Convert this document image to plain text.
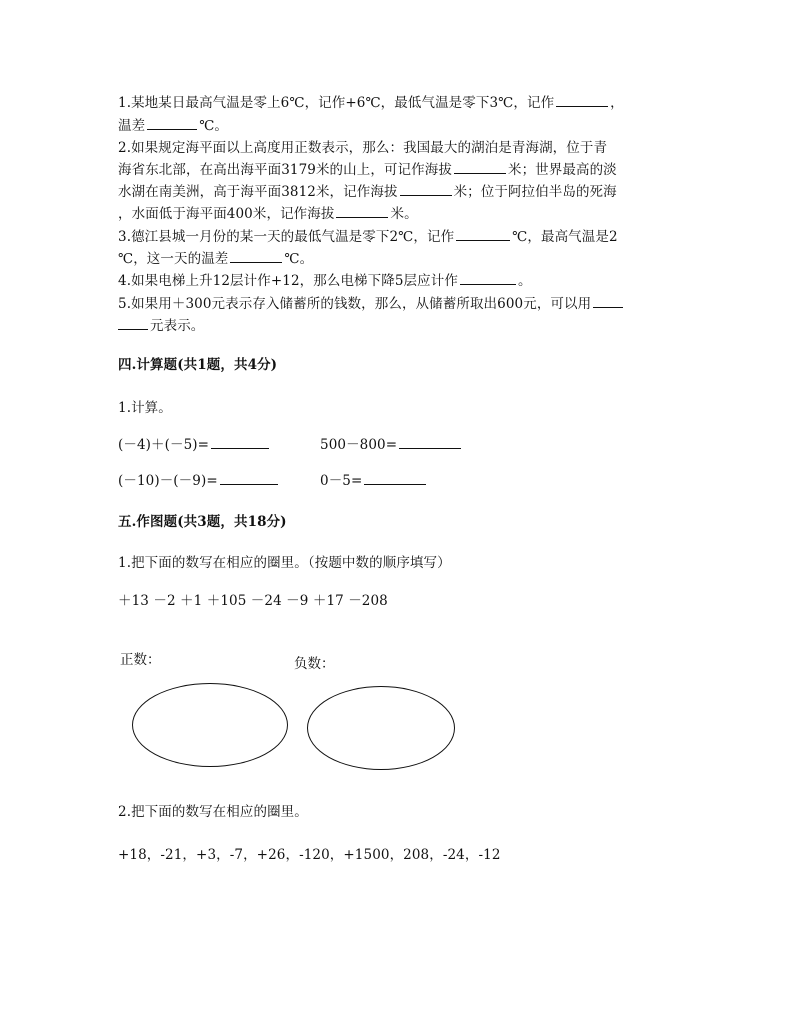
1.某地某日最高气温是零上6℃，记作+6℃，最低气温是零下3℃，记作	，
温差	℃。
2.如果规定海平面以上高度用正数表示，那么：我国最大的湖泊是青海湖，位于青
海省东北部，在高出海平面3179米的山上，可记作海拔	米；世界最高的淡
水湖在南美洲，高于海平面3812米，记作海拔	米；位于阿拉伯半岛的死海
，水面低于海平面400米，记作海拔	米。
3.德江县城一月份的某一天的最低气温是零下2℃，记作	℃，最高气温是2
℃，这一天的温差	℃。
4.如果电梯上升12层计作+12，那么电梯下降5层应计作	。
5.如果用＋300元表示存入储蓄所的钱数，那么，从储蓄所取出600元，可以用
元表示。
四.计算题(共1题，共4分)
1.计算。
(－4)＋(－5)=	500－800=
(－10)－(－9)=	0－5=
五.作图题(共3题，共18分)
1.把下面的数写在相应的圈里。（按题中数的顺序填写）
＋13 －2 ＋1 ＋105 －24 －9 ＋17 －208
正数：	负数：
2.把下面的数写在相应的圈里。
+18，-21，+3，-7，+26，-120，+1500，208，-24，-12
